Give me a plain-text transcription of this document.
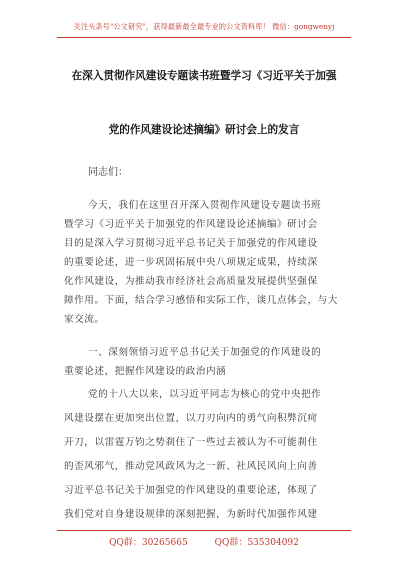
关注头条号"公文研究"，获得最新最全最专业的公文资料库！ 微信：gongwenyj
在深入贯彻作风建设专题读书班暨学习《习近平关于加强
党的作风建设论述摘编》研讨会上的发言
同志们：
今天，我们在这里召开深入贯彻作风建设专题读书班
暨学习《习近平关于加强党的作风建设论述摘编》研讨会
目的是深入学习贯彻习近平总书记关于加强党的作风建设
的重要论述，进一步巩固拓展中央八项规定成果，持续深
化作风建设，为推动我市经济社会高质量发展提供坚强保
障作用。下面，结合学习感悟和实际工作，谈几点体会，与大
家交流。
一、深刻领悟习近平总书记关于加强党的作风建设的
重要论述，把握作风建设的政治内涵
党的十八大以来，以习近平同志为核心的党中央把作
风建设摆在更加突出位置，以刀刃向内的勇气向积弊沉疴
开刀，以雷霆万钧之势刹住了一些过去被认为不可能刹住
的歪风邪气，推动党风政风为之一新、社风民风向上向善
习近平总书记关于加强党的作风建设的重要论述，体现了
我们党对自身建设规律的深刻把握，为新时代加强作风建
QQ群：30265665	QQ群：535304092
